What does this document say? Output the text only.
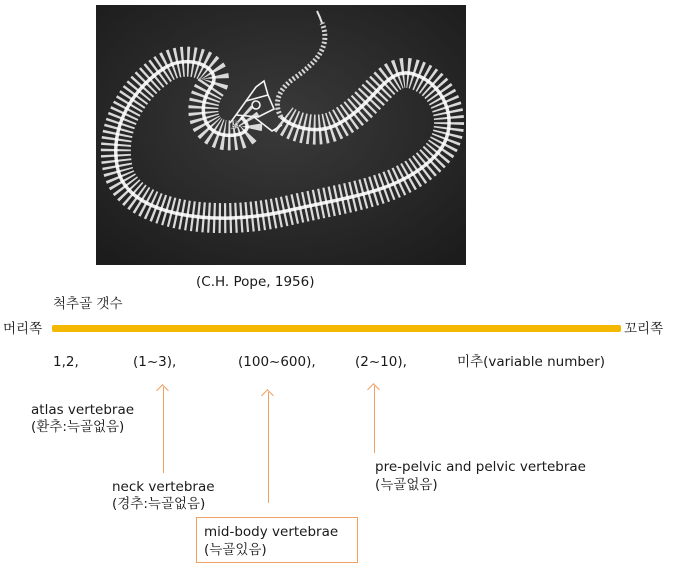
(C.H. Pope, 1956)
척추골 갯수
머리쪽	꼬리쪽
1,2,	(1~3),	(100~600),	(2~10),	미추(variable number)
atlas vertebrae
(환추:늑골없음)
neck vertebrae
(경추:늑골없음)
pre-pelvic and pelvic vertebrae
(늑골없음)
mid-body vertebrae
(늑골있음)
